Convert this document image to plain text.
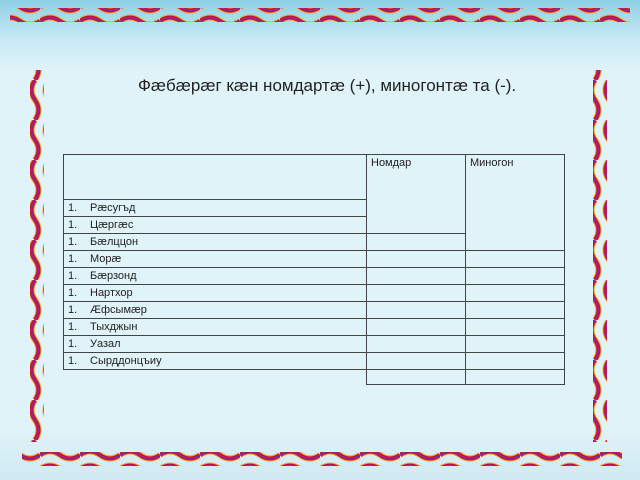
Фæбæрæг кæн номдартæ (+), миногонтæ та (-).

	Номдар	Миногон
1. Рæсугъд		
1. Цæргæс		
1. Бæлццон		
1. Морæ		
1. Бæрзонд		
1. Нартхор		
1. Æфсымæр		
1. Тыхджын		
1. Уазал		
1. Сырддонцъиу		
